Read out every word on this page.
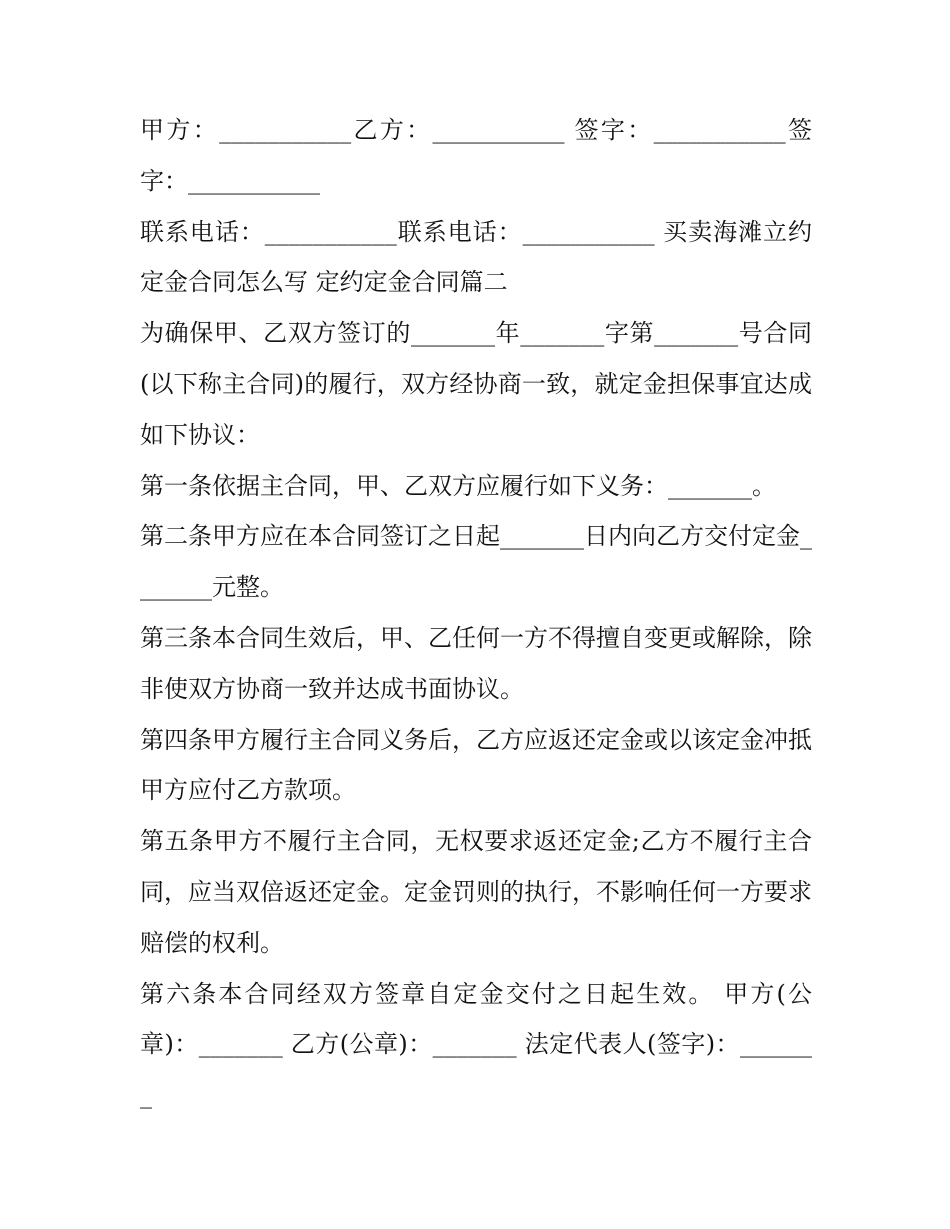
甲方：___________乙方：___________ 签字：___________签字：___________

联系电话：___________联系电话：___________ 买卖海滩立约定金合同怎么写 定约定金合同篇二

为确保甲、乙双方签订的_______年_______字第_______号合同(以下称主合同)的履行，双方经协商一致，就定金担保事宜达成如下协议：

第一条依据主合同，甲、乙双方应履行如下义务：_______。

第二条甲方应在本合同签订之日起_______日内向乙方交付定金_______元整。

第三条本合同生效后，甲、乙任何一方不得擅自变更或解除，除非使双方协商一致并达成书面协议。

第四条甲方履行主合同义务后，乙方应返还定金或以该定金冲抵甲方应付乙方款项。

第五条甲方不履行主合同，无权要求返还定金;乙方不履行主合同，应当双倍返还定金。定金罚则的执行，不影响任何一方要求赔偿的权利。

第六条本合同经双方签章自定金交付之日起生效。 甲方(公章)：_______ 乙方(公章)：_______ 法定代表人(签字)：_______
